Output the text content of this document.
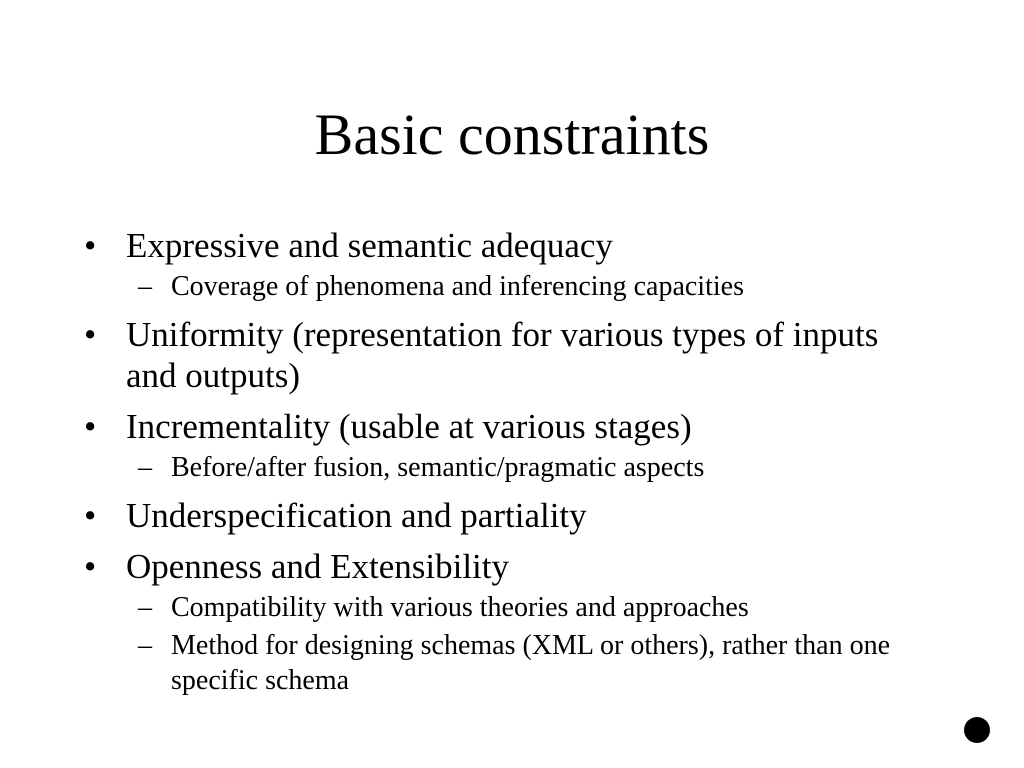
Basic constraints
• Expressive and semantic adequacy
– Coverage of phenomena and inferencing capacities
• Uniformity (representation for various types of inputs and outputs)
• Incrementality (usable at various stages)
– Before/after fusion, semantic/pragmatic aspects
• Underspecification and partiality
• Openness and Extensibility
– Compatibility with various theories and approaches
– Method for designing schemas (XML or others), rather than one specific schema
